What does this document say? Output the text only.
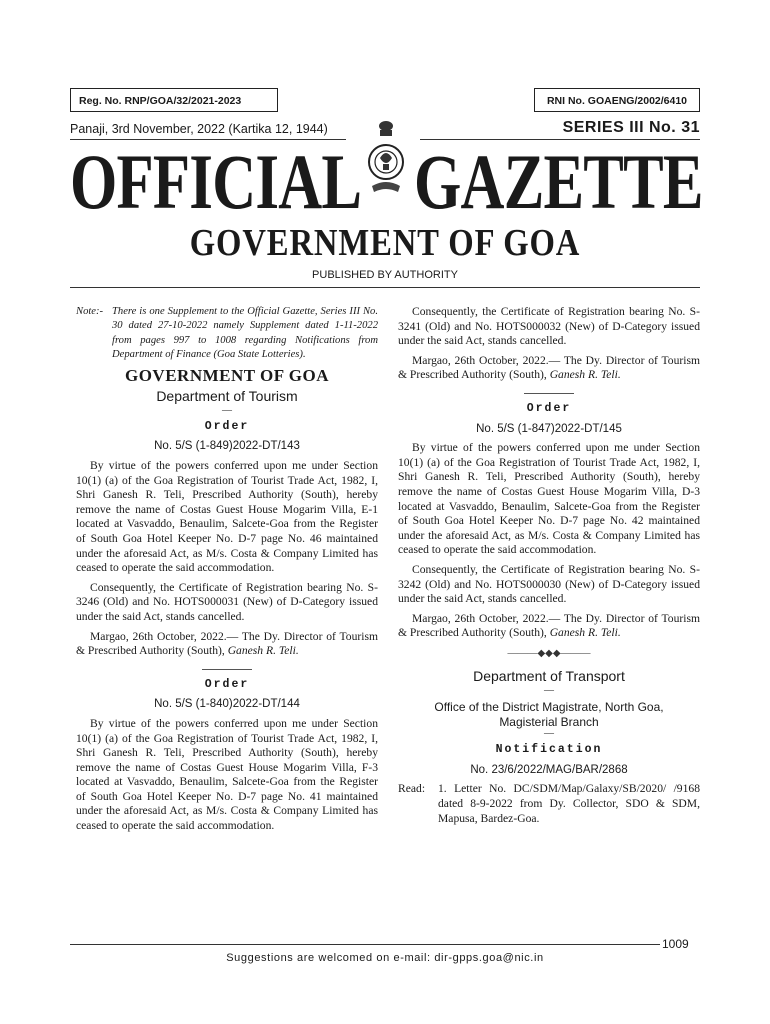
Reg. No. RNP/GOA/32/2021-2023	RNI No. GOAENG/2002/6410
Panaji, 3rd November, 2022 (Kartika 12, 1944)	SERIES III No. 31
OFFICIAL GAZETTE
GOVERNMENT OF GOA
PUBLISHED BY AUTHORITY
Note:- There is one Supplement to the Official Gazette, Series III No. 30 dated 27-10-2022 namely Supplement dated 1-11-2022 from pages 997 to 1008 regarding Notifications from Department of Finance (Goa State Lotteries).
GOVERNMENT OF GOA
Department of Tourism
—
Order
No. 5/S (1-849)2022-DT/143

By virtue of the powers conferred upon me under Section 10(1) (a) of the Goa Registration of Tourist Trade Act, 1982, I, Shri Ganesh R. Teli, Prescribed Authority (South), hereby remove the name of Costas Guest House Mogarim Villa, E-1 located at Vasvaddo, Benaulim, Salcete-Goa from the Register of South Goa Hotel Keeper No. D-7 page No. 46 maintained under the aforesaid Act, as M/s. Costa & Company Limited has ceased to operate the said accommodation.

Consequently, the Certificate of Registration bearing No. S-3246 (Old) and No. HOTS000031 (New) of D-Category issued under the said Act, stands cancelled.

Margao, 26th October, 2022.— The Dy. Director of Tourism & Prescribed Authority (South), Ganesh R. Teli.

Order
No. 5/S (1-840)2022-DT/144

By virtue of the powers conferred upon me under Section 10(1) (a) of the Goa Registration of Tourist Trade Act, 1982, I, Shri Ganesh R. Teli, Prescribed Authority (South), hereby remove the name of Costas Guest House Mogarim Villa, F-3 located at Vasvaddo, Benaulim, Salcete-Goa from the Register of South Goa Hotel Keeper No. D-7 page No. 41 maintained under the aforesaid Act, as M/s. Costa & Company Limited has ceased to operate the said accommodation.

Consequently, the Certificate of Registration bearing No. S-3241 (Old) and No. HOTS000032 (New) of D-Category issued under the said Act, stands cancelled.

Margao, 26th October, 2022.— The Dy. Director of Tourism & Prescribed Authority (South), Ganesh R. Teli.

Order
No. 5/S (1-847)2022-DT/145

By virtue of the powers conferred upon me under Section 10(1) (a) of the Goa Registration of Tourist Trade Act, 1982, I, Shri Ganesh R. Teli, Prescribed Authority (South), hereby remove the name of Costas Guest House Mogarim Villa, D-3 located at Vasvaddo, Benaulim, Salcete-Goa from the Register of South Goa Hotel Keeper No. D-7 page No. 42 maintained under the aforesaid Act, as M/s. Costa & Company Limited has ceased to operate the said accommodation.

Consequently, the Certificate of Registration bearing No. S-3242 (Old) and No. HOTS000030 (New) of D-Category issued under the said Act, stands cancelled.

Margao, 26th October, 2022.— The Dy. Director of Tourism & Prescribed Authority (South), Ganesh R. Teli.

———◆◆◆———
Department of Transport
—
Office of the District Magistrate, North Goa,
Magisterial Branch
—
Notification
No. 23/6/2022/MAG/BAR/2868
Read:	1. Letter No. DC/SDM/Map/Galaxy/SB/2020/ /9168 dated 8-9-2022 from Dy. Collector, SDO & SDM, Mapusa, Bardez-Goa.
1009
Suggestions are welcomed on e-mail: dir-gpps.goa@nic.in
